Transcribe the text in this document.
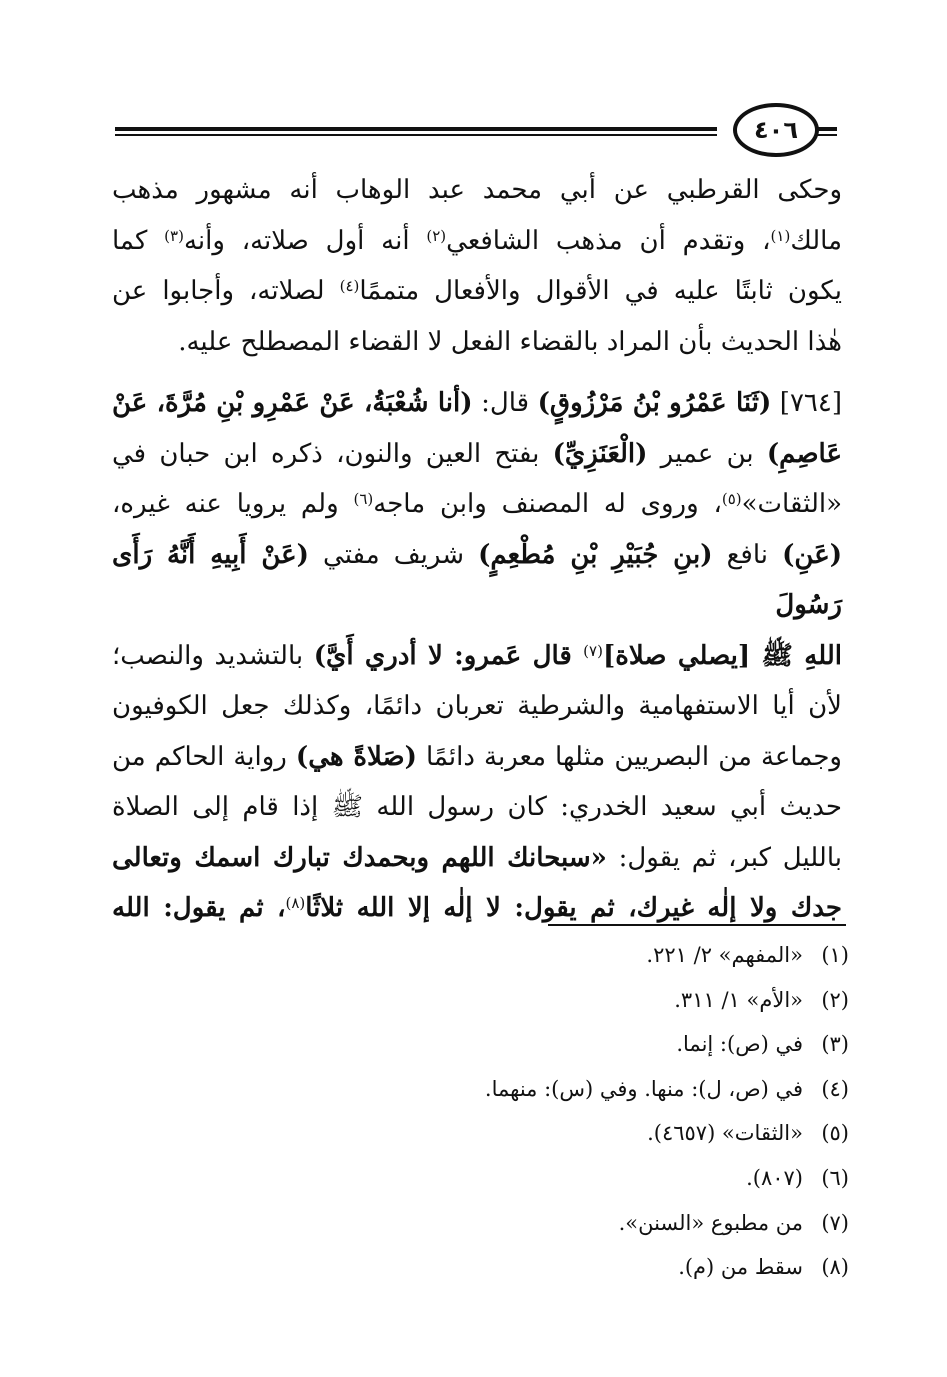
٤٠٦

وحكى القرطبي عن أبي محمد عبد الوهاب أنه مشهور مذهب

مالك$^{(١)}$، وتقدم أن مذهب الشافعي$^{(٢)}$ أنه أول صلاته، وأنه$^{(٣)}$ كما

يكون ثابتًا عليه في الأقوال والأفعال متممًا$^{(٤)}$ لصلاته، وأجابوا عن

هٰذا الحديث بأن المراد بالقضاء الفعل لا القضاء المصطلح عليه.

[٧٦٤] (ثَنَا عَمْرُو بْنُ مَرْزُوقٍ) قال: (أنا شُعْبَةُ، عَنْ عَمْرِو بْنِ مُرَّةَ، عَنْ

عَاصِمِ) بن عمير (الْعَنَزِيِّ) بفتح العين والنون، ذكره ابن حبان في

«الثقات»$^{(٥)}$، وروى له المصنف وابن ماجه$^{(٦)}$ ولم يرويا عنه غيره،

(عَنِ) نافع (بنِ جُبَيْرِ بْنِ مُطْعِمٍ) شريف مفتي (عَنْ أَبِيهِ أَنَّهُ رَأَى رَسُولَ

اللهِ ﷺ [يصلي صلاة]$^{(٧)}$ قال عَمرو: لا أدري أَيَّ) بالتشديد والنصب؛

لأن أيا الاستفهامية والشرطية تعربان دائمًا، وكذلك جعل الكوفيون

وجماعة من البصريين مثلها معربة دائمًا (صَلاةً هي) رواية الحاكم من

حديث أبي سعيد الخدري: كان رسول الله ﷺ إذا قام إلى الصلاة

بالليل كبر، ثم يقول: «سبحانك اللهم وبحمدك تبارك اسمك وتعالى

جدك ولا إلٰه غيرك، ثم يقول: لا إلٰه إلا الله ثلاثًا$^{(٨)}$، ثم يقول: الله

(١)«المفهم» ٢/ ٢٢١.
(٢)«الأم» ١/ ٣١١.
(٣)في (ص): إنما.
(٤)في (ص، ل): منها. وفي (س): منهما.
(٥)«الثقات» (٤٦٥٧).
(٦)(٨٠٧).
(٧)من مطبوع «السنن».
(٨)سقط من (م).
